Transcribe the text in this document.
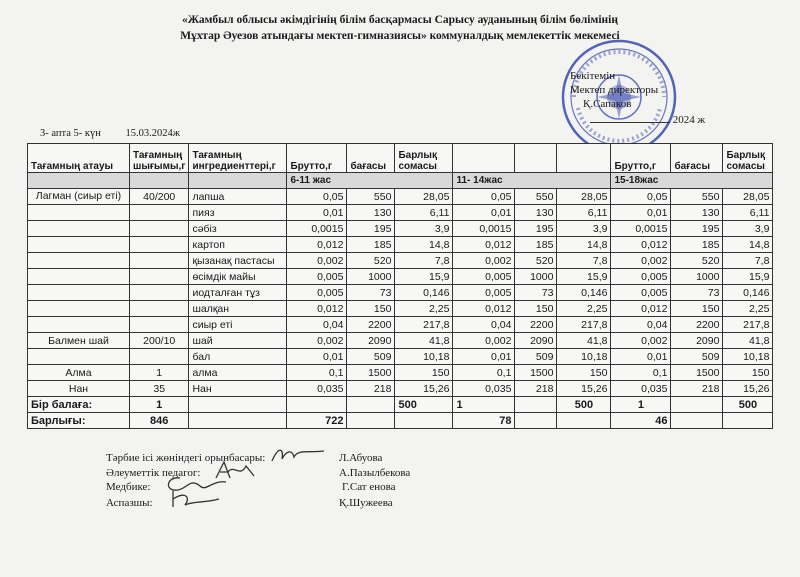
«Жамбыл облысы әкімдігінің білім басқармасы Сарысу ауданының білім бөлімінің
Мұхтар Әуезов атындағы мектеп-гимназиясы» коммуналдық мемлекеттік мекемесі
Бекітемін
Мектеп директоры
Қ.Сапаков
2024 ж
3- апта 5- күн 15.03.2024ж
Тағамның атауы	Тағамның шығымы,г	Тағамның ингредиенттері,г	Брутто,г	бағасы	Барлық сомасы				Брутто,г	бағасы	Барлық сомасы
			6-11 жас			11- 14жас			15-18жас		
Лагман (сиыр еті)	40/200	лапша	0,05	550	28,05	0,05	550	28,05	0,05	550	28,05
		пияз	0,01	130	6,11	0,01	130	6,11	0,01	130	6,11
		сәбіз	0,0015	195	3,9	0,0015	195	3,9	0,0015	195	3,9
		картоп	0,012	185	14,8	0,012	185	14,8	0,012	185	14,8
		қызанақ пастасы	0,002	520	7,8	0,002	520	7,8	0,002	520	7,8
		өсімдік майы	0,005	1000	15,9	0,005	1000	15,9	0,005	1000	15,9
		иодталған тұз	0,005	73	0,146	0,005	73	0,146	0,005	73	0,146
		шалқан	0,012	150	2,25	0,012	150	2,25	0,012	150	2,25
		сиыр еті	0,04	2200	217,8	0,04	2200	217,8	0,04	2200	217,8
Балмен шай	200/10	шай	0,002	2090	41,8	0,002	2090	41,8	0,002	2090	41,8
		бал	0,01	509	10,18	0,01	509	10,18	0,01	509	10,18
Алма	1	алма	0,1	1500	150	0,1	1500	150	0,1	1500	150
Нан	35	Нан	0,035	218	15,26	0,035	218	15,26	0,035	218	15,26
Бір балаға:	1				500	1		500	1		500
Барлығы:	846		722			78			46		
Тәрбие ісі жөніндегі орынбасары:	Л.Абуова
Әлеуметтік педагог:	А.Пазылбекова
Медбике:	Г.Сат енова
Аспазшы:	Қ.Шужеева
